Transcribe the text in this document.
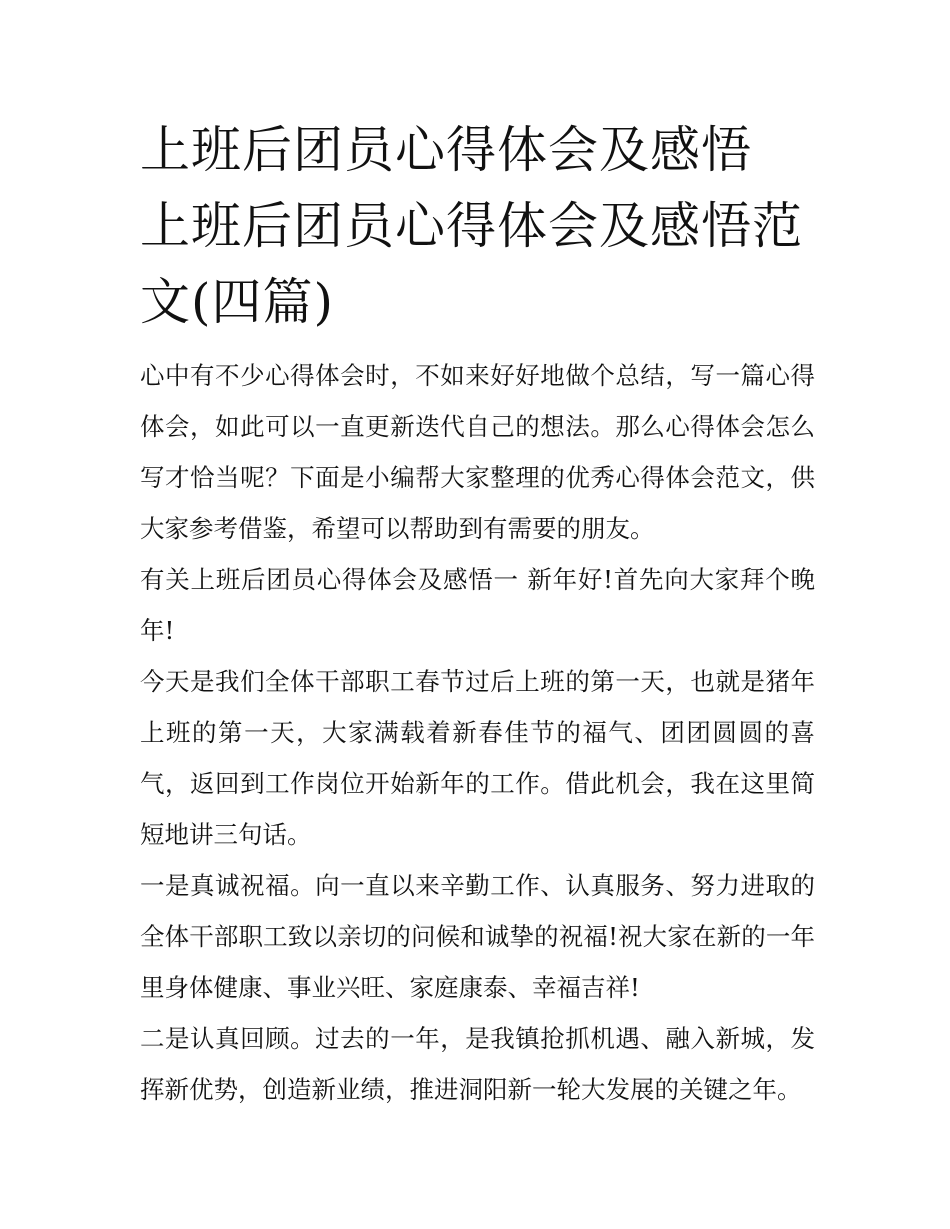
上班后团员心得体会及感悟 上班后团员心得体会及感悟范文(四篇)

心中有不少心得体会时，不如来好好地做个总结，写一篇心得体会，如此可以一直更新迭代自己的想法。那么心得体会怎么写才恰当呢？下面是小编帮大家整理的优秀心得体会范文，供大家参考借鉴，希望可以帮助到有需要的朋友。

有关上班后团员心得体会及感悟一 新年好!首先向大家拜个晚年!

今天是我们全体干部职工春节过后上班的第一天，也就是猪年上班的第一天，大家满载着新春佳节的福气、团团圆圆的喜气，返回到工作岗位开始新年的工作。借此机会，我在这里简短地讲三句话。

一是真诚祝福。向一直以来辛勤工作、认真服务、努力进取的全体干部职工致以亲切的问候和诚挚的祝福!祝大家在新的一年里身体健康、事业兴旺、家庭康泰、幸福吉祥!

二是认真回顾。过去的一年，是我镇抢抓机遇、融入新城，发挥新优势，创造新业绩，推进洞阳新一轮大发展的关键之年。
